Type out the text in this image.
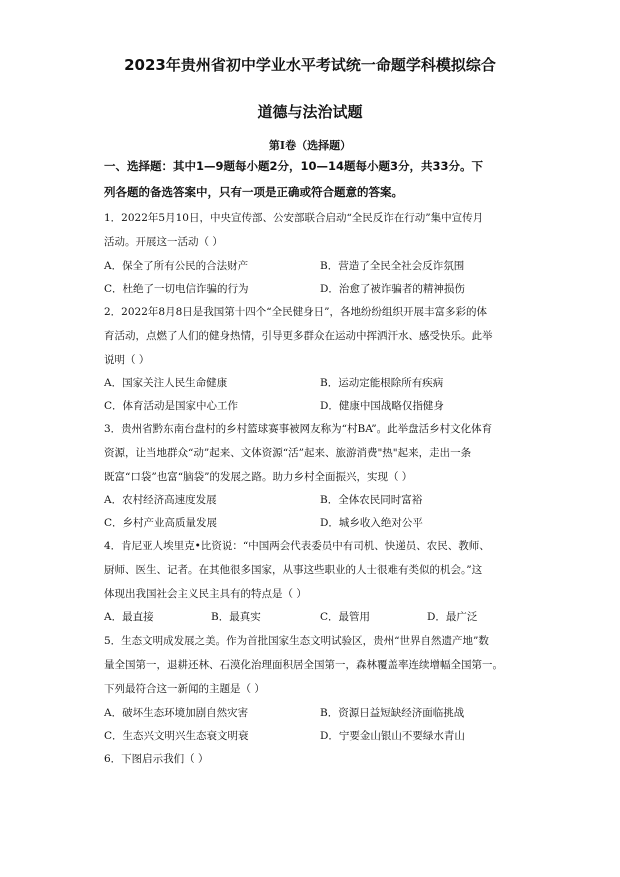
2023年贵州省初中学业水平考试统一命题学科模拟综合
道德与法治试题
第I卷（选择题）
一、选择题：其中1—9题每小题2分，10—14题每小题3分，共33分。下
列各题的备选答案中，只有一项是正确或符合题意的答案。
1．2022年5月10日，中央宣传部、公安部联合启动“全民反诈在行动”集中宣传月
活动。开展这一活动（ ）
A．保全了所有公民的合法财产	B．营造了全民全社会反诈氛围
C．杜绝了一切电信诈骗的行为	D．治愈了被诈骗者的精神损伤
2．2022年8月8日是我国第十四个“全民健身日”，各地纷纷组织开展丰富多彩的体
育活动，点燃了人们的健身热情，引导更多群众在运动中挥洒汗水、感受快乐。此举
说明（ ）
A．国家关注人民生命健康	B．运动定能根除所有疾病
C．体育活动是国家中心工作	D．健康中国战略仅指健身
3．贵州省黔东南台盘村的乡村篮球赛事被网友称为“村BA”。此举盘活乡村文化体育
资源，让当地群众“动”起来、文体资源“活”起来、旅游消费"热"起来，走出一条
既富“口袋”也富“脑袋”的发展之路。助力乡村全面振兴，实现（ ）
A．农村经济高速度发展	B．全体农民同时富裕
C．乡村产业高质量发展	D．城乡收入绝对公平
4．肯尼亚人埃里克•比资说：“中国两会代表委员中有司机、快递员、农民、教师、
厨师、医生、记者。在其他很多国家，从事这些职业的人士很难有类似的机会。”这
体现出我国社会主义民主具有的特点是（ ）
A．最直接	B．最真实	C．最管用	D．最广泛
5．生态文明成发展之美。作为首批国家生态文明试验区，贵州“世界自然遗产地”数
量全国第一，退耕还林、石漠化治理面积居全国第一，森林覆盖率连续增幅全国第一。
下列最符合这一新闻的主题是（ ）
A．破坏生态环境加剧自然灾害	B．资源日益短缺经济面临挑战
C．生态兴文明兴生态衰文明衰	D．宁要金山银山不要绿水青山
6．下图启示我们（ ）
